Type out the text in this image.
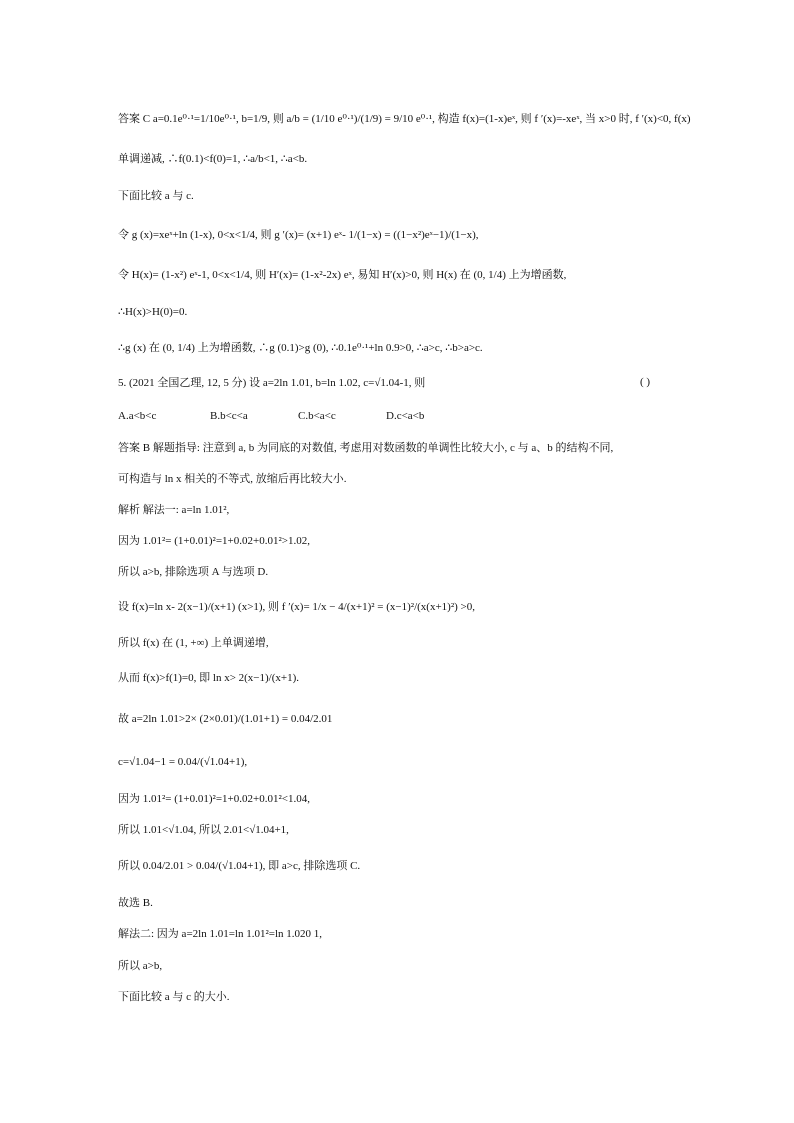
答案 C a=0.1e⁰·¹=1/10e⁰·¹, b=1/9, 则 a/b = (1/10 e⁰·¹)/(1/9) = 9/10 e⁰·¹, 构造 f(x)=(1-x)eˣ, 则 f ′(x)=-xeˣ, 当 x>0 时, f ′(x)<0, f(x)
单调递减, ∴f(0.1)<f(0)=1, ∴a/b<1, ∴a<b.
下面比较 a 与 c.
令 g (x)=xeˣ+ln (1-x), 0<x<1/4, 则 g ′(x)= (x+1) eˣ- 1/(1−x) = ((1−x²)eˣ−1)/(1−x),
令 H(x)= (1-x²) eˣ-1, 0<x<1/4, 则 H′(x)= (1-x²-2x) eˣ, 易知 H′(x)>0, 则 H(x) 在 (0, 1/4) 上为增函数,
∴H(x)>H(0)=0.
∴g (x) 在 (0, 1/4) 上为增函数, ∴g (0.1)>g (0), ∴0.1e⁰·¹+ln 0.9>0, ∴a>c, ∴b>a>c.
5. (2021 全国乙理, 12, 5 分) 设 a=2ln 1.01, b=ln 1.02, c=√1.04-1, 则	( )
A.a<b<c	B.b<c<a	C.b<a<c	D.c<a<b
答案 B 解题指导: 注意到 a, b 为同底的对数值, 考虑用对数函数的单调性比较大小, c 与 a、b 的结构不同,
可构造与 ln x 相关的不等式, 放缩后再比较大小.
解析 解法一: a=ln 1.01²,
因为 1.01²= (1+0.01)²=1+0.02+0.01²>1.02,
所以 a>b, 排除选项 A 与选项 D.
设 f(x)=ln x- 2(x−1)/(x+1) (x>1), 则 f ′(x)= 1/x − 4/(x+1)² = (x−1)²/(x(x+1)²) >0,
所以 f(x) 在 (1, +∞) 上单调递增,
从而 f(x)>f(1)=0, 即 ln x> 2(x−1)/(x+1).
故 a=2ln 1.01>2× (2×0.01)/(1.01+1) = 0.04/2.01
c=√1.04−1 = 0.04/(√1.04+1),
因为 1.01²= (1+0.01)²=1+0.02+0.01²<1.04,
所以 1.01<√1.04, 所以 2.01<√1.04+1,
所以 0.04/2.01 > 0.04/(√1.04+1), 即 a>c, 排除选项 C.
故选 B.
解法二: 因为 a=2ln 1.01=ln 1.01²=ln 1.020 1,
所以 a>b,
下面比较 a 与 c 的大小.
